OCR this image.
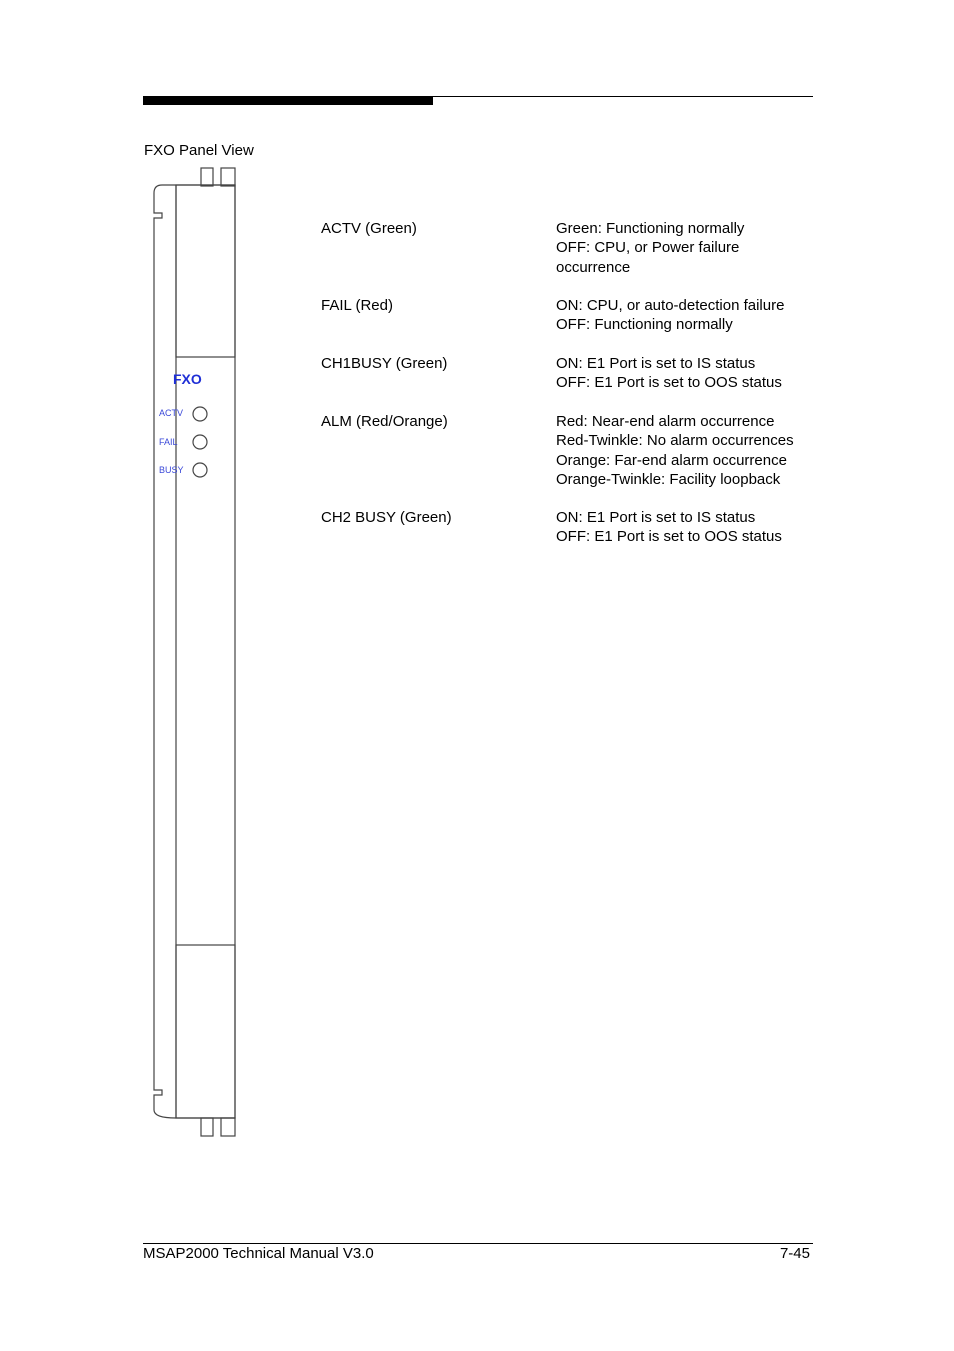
FXO Panel View
FXO
ACTV
FAIL
BUSY
ACTV (Green)	Green: Functioning normally
OFF: CPU, or Power failure
occurrence
FAIL (Red)	ON: CPU, or auto-detection failure
OFF: Functioning normally
CH1BUSY (Green)	ON: E1 Port is set to IS status
OFF: E1 Port is set to OOS status
ALM (Red/Orange)	Red: Near-end alarm occurrence
Red-Twinkle: No alarm occurrences
Orange: Far-end alarm occurrence
Orange-Twinkle: Facility loopback
CH2 BUSY (Green)	ON: E1 Port is set to IS status
OFF: E1 Port is set to OOS status
MSAP2000 Technical Manual V3.0	7-45
